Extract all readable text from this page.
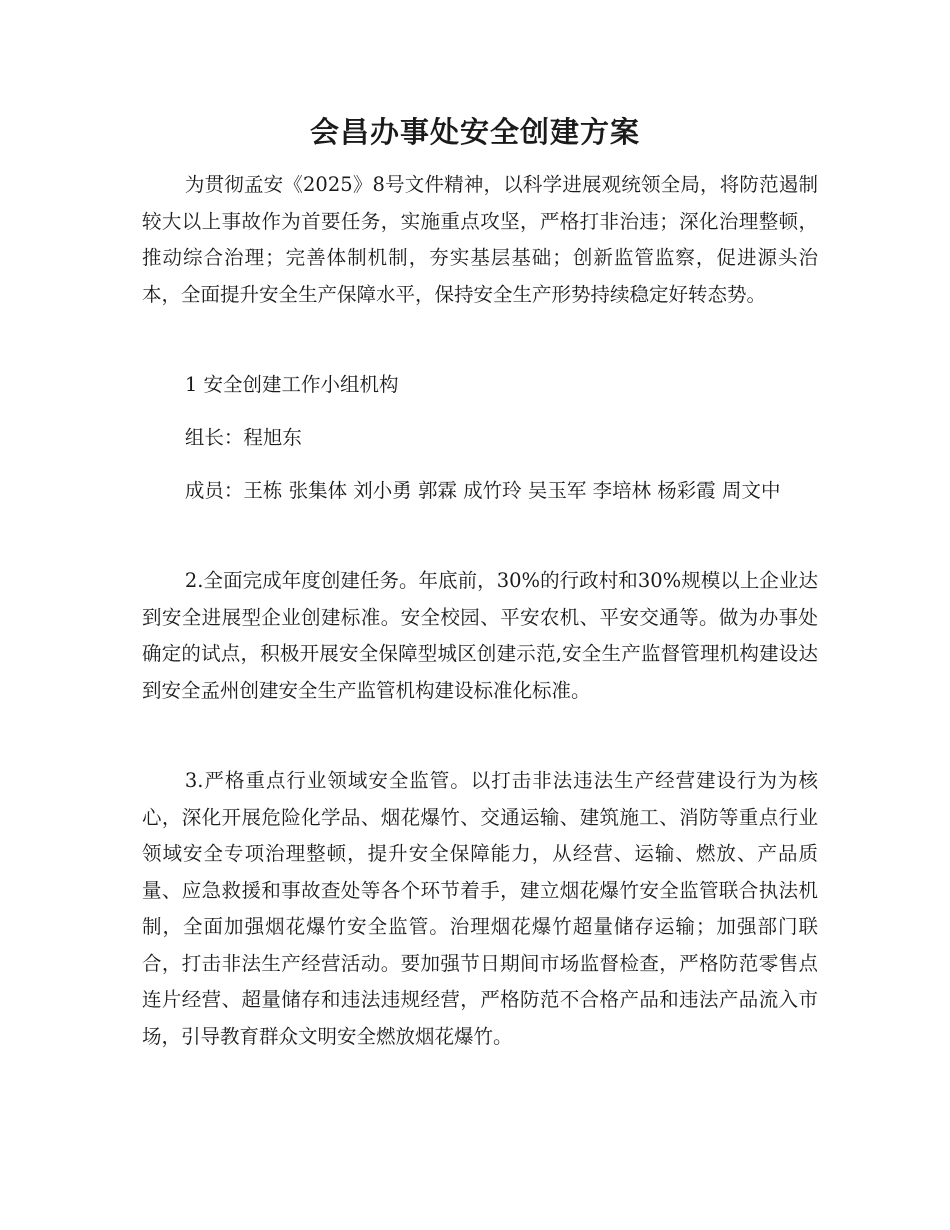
会昌办事处安全创建方案

为贯彻孟安《2025》8号文件精神，以科学进展观统领全局，将防范遏制较大以上事故作为首要任务，实施重点攻坚，严格打非治违；深化治理整顿，推动综合治理；完善体制机制，夯实基层基础；创新监管监察，促进源头治本，全面提升安全生产保障水平，保持安全生产形势持续稳定好转态势。

1 安全创建工作小组机构

组长：程旭东

成员：王栋 张集体 刘小勇 郭霖 成竹玲 吴玉军 李培林 杨彩霞 周文中

2.全面完成年度创建任务。年底前，30%的行政村和30%规模以上企业达到安全进展型企业创建标准。安全校园、平安农机、平安交通等。做为办事处确定的试点，积极开展安全保障型城区创建示范,安全生产监督管理机构建设达到安全孟州创建安全生产监管机构建设标准化标准。

3.严格重点行业领域安全监管。以打击非法违法生产经营建设行为为核心，深化开展危险化学品、烟花爆竹、交通运输、建筑施工、消防等重点行业领域安全专项治理整顿，提升安全保障能力，从经营、运输、燃放、产品质量、应急救援和事故查处等各个环节着手，建立烟花爆竹安全监管联合执法机制，全面加强烟花爆竹安全监管。治理烟花爆竹超量储存运输；加强部门联合，打击非法生产经营活动。要加强节日期间市场监督检查，严格防范零售点连片经营、超量储存和违法违规经营，严格防范不合格产品和违法产品流入市场，引导教育群众文明安全燃放烟花爆竹。
